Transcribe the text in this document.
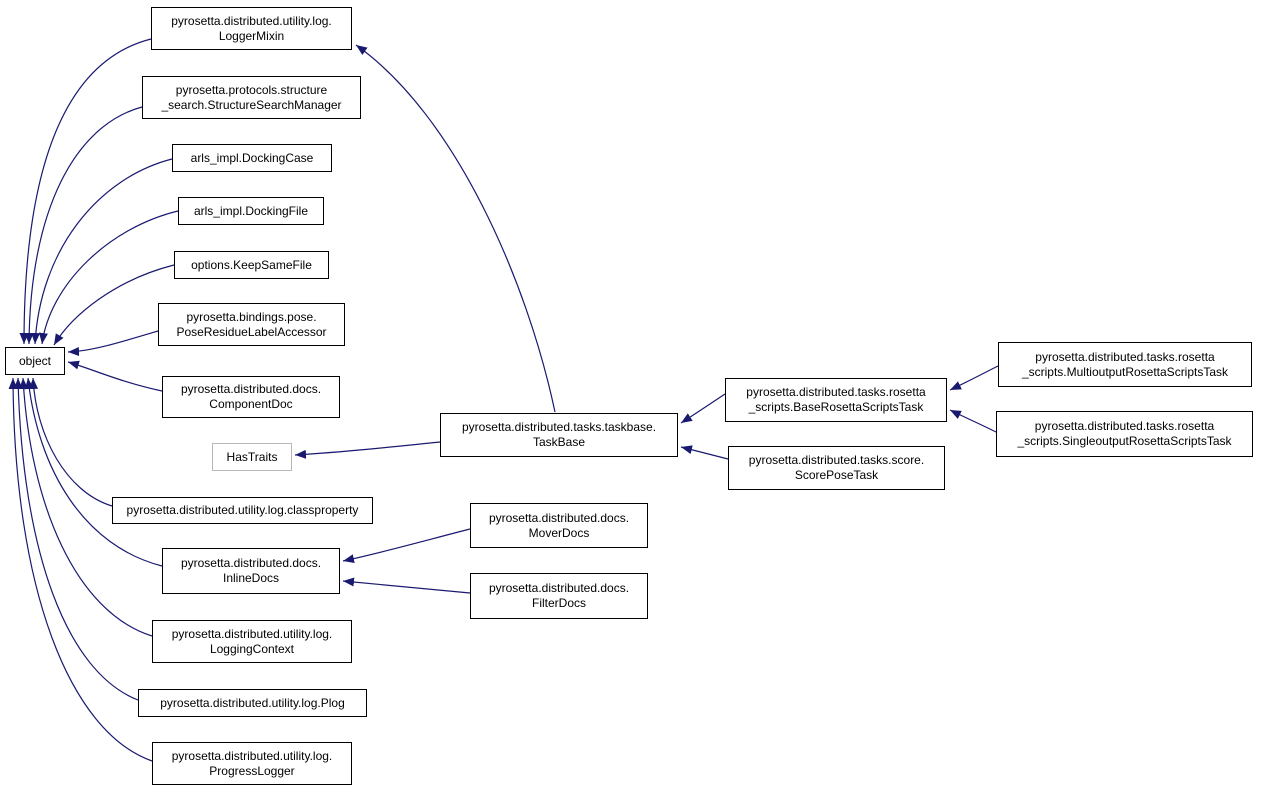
object
pyrosetta.distributed.utility.log.
LoggerMixin
pyrosetta.protocols.structure
_search.StructureSearchManager
arls_impl.DockingCase
arls_impl.DockingFile
options.KeepSameFile
pyrosetta.bindings.pose.
PoseResidueLabelAccessor
pyrosetta.distributed.docs.
ComponentDoc
HasTraits
pyrosetta.distributed.tasks.taskbase.
TaskBase
pyrosetta.distributed.utility.log.classproperty
pyrosetta.distributed.docs.
InlineDocs
pyrosetta.distributed.docs.
MoverDocs
pyrosetta.distributed.docs.
FilterDocs
pyrosetta.distributed.utility.log.
LoggingContext
pyrosetta.distributed.utility.log.Plog
pyrosetta.distributed.utility.log.
ProgressLogger
pyrosetta.distributed.tasks.rosetta
_scripts.BaseRosettaScriptsTask
pyrosetta.distributed.tasks.score.
ScorePoseTask
pyrosetta.distributed.tasks.rosetta
_scripts.MultioutputRosettaScriptsTask
pyrosetta.distributed.tasks.rosetta
_scripts.SingleoutputRosettaScriptsTask
